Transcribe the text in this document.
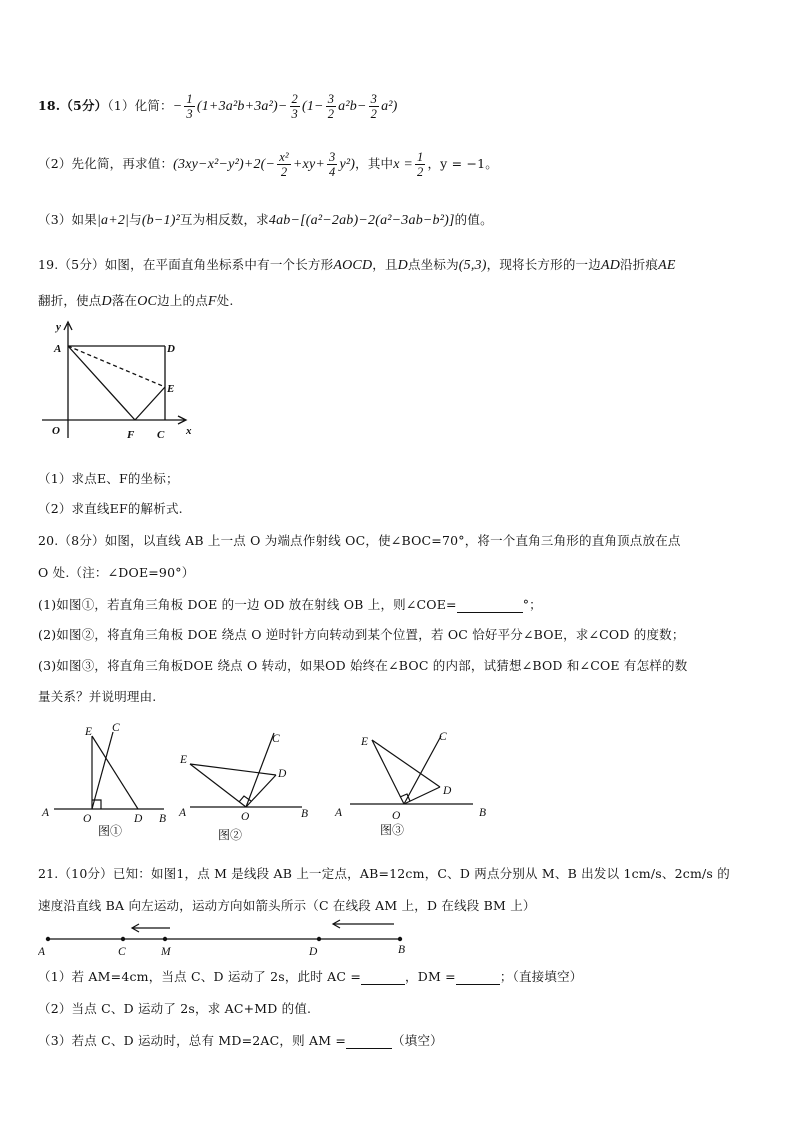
18.（5分）（1）化简：− $\frac{1}{3} (1+3a^2b+3a^2)- \frac{2}{3} (1- \frac{3}{2} a^2b- \frac{3}{2} a^2)$
（2）先化简，再求值：$(3xy-x^2-y^2)+2(- \frac{\text{x²}}{2} +xy+ \frac{3}{4} y^2)$，其中$x = \frac{1}{2}$ ，y = −1。
（3）如果|a+2|与(b−1)²互为相反数，求4ab−[(a²−2ab)−2(a²−3ab−b²)]的值。
19.（5分）如图，在平面直角坐标系中有一个长方形AOCD，且D点坐标为(5,3)，现将长方形的一边AD沿折痕AE
翻折，使点D落在OC边上的点F处.
y
x
A	D
E
O	F C
（1）求点E、F的坐标；
（2）求直线EF的解析式.
20.（8分）如图，以直线 AB 上一点 O 为端点作射线 OC，使∠BOC=70°，将一个直角三角形的直角顶点放在点
O 处.（注：∠DOE=90°）
(1)如图①，若直角三角板 DOE 的一边 OD 放在射线 OB 上，则∠COE=	°；
(2)如图②，将直角三角板 DOE 绕点 O 逆时针方向转动到某个位置，若 OC 恰好平分∠BOE，求∠COD 的度数；
(3)如图③，将直角三角板DOE 绕点 O 转动，如果OD 始终在∠BOC 的内部，试猜想∠BOD 和∠COE 有怎样的数
量关系？并说明理由.
E C
A	O	D B
E
C
D
A	O	B
E	C
D
A	O	B
图①	图②	图③
21.（10分）已知：如图1，点 M 是线段 AB 上一定点，AB=12cm，C、D 两点分别从 M、B 出发以 1cm/s、2cm/s 的
速度沿直线 BA 向左运动，运动方向如箭头所示（C 在线段 AM 上，D 在线段 BM 上）
A	C	M	D	B
（1）若 AM=4cm，当点 C、D 运动了 2s，此时 AC =	，DM =	；（直接填空）
（2）当点 C、D 运动了 2s，求 AC+MD 的值.
（3）若点 C、D 运动时，总有 MD=2AC，则 AM =	（填空）
